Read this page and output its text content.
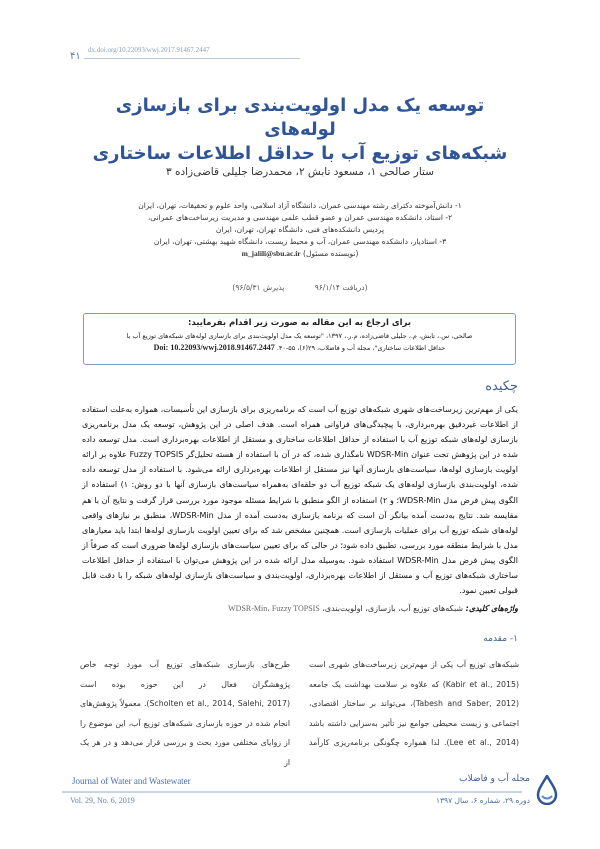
۴۱
dx.doi.org/10.22093/wwj.2017.91467.2447
توسعه یک مدل اولویت‌بندی برای بازسازی لوله‌های
شبکه‌های توزیع آب با حداقل اطلاعات ساختاری
ستار صالحی ۱، مسعود تابش ۲، محمدرضا جلیلی قاضی‌زاده ۳
۱- دانش‌آموخته دکترای رشته مهندسی عمران، دانشگاه آزاد اسلامی، واحد علوم و تحقیقات، تهران، ایران
۲- استاد، دانشکده مهندسی عمران و عضو قطب علمی مهندسی و مدیریت زیرساخت‌های عمرانی،
پردیس دانشکده‌های فنی، دانشگاه تهران، تهران، ایران
۳- استادیار، دانشکده مهندسی عمران، آب و محیط زیست، دانشگاه شهید بهشتی، تهران، ایران
(نویسنده مسئول) m_jalili@sbu.ac.ir
(دریافت ۹۶/۱/۱۴ پذیرش ۹۶/۵/۳۱)
برای ارجاع به این مقاله به صورت زیر اقدام بفرمایید:
صالحی، س.، تابش، م.، جلیلی قاضی‌زاده، م.ر.، ۱۳۹۷، "توسعه یک مدل اولویت‌بندی برای بازسازی لوله‌های شبکه‌های توزیع آب با
حداقل اطلاعات ساختاری"، مجله آب و فاضلاب، ۲۹(۶)، ۵۵-۴۰. Doi: 10.22093/wwj.2018.91467.2447
چکیده

یکی از مهم‌ترین زیرساخت‌های شهری شبکه‌های توزیع آب است که برنامه‌ریزی برای بازسازی این تأسیسات، همواره به‌علت استفاده از اطلاعات غیردقیق بهره‌برداری، با پیچیدگی‌های فراوانی همراه است. هدف اصلی در این پژوهش، توسعه یک مدل برنامه‌ریزی بازسازی لوله‌های شبکه توزیع آب با استفاده از حداقل اطلاعات ساختاری و مستقل از اطلاعات بهره‌برداری است. مدل توسعه داده شده در این پژوهش تحت عنوان WDSR-Min نامگذاری شده، که در آن با استفاده از هسته تحلیل‌گر Fuzzy TOPSIS علاوه بر ارائه اولویت بازسازی لوله‌ها، سیاست‌های بازسازی آنها نیز مستقل از اطلاعات بهره‌برداری ارائه می‌شود. با استفاده از مدل توسعه داده شده، اولویت‌بندی بازسازی لوله‌های یک شبکه توزیع آب دو حلقه‌ای به‌همراه سیاست‌های بازسازی آنها با دو روش: ۱) استفاده از الگوی پیش فرض مدل WDSR-Min؛ و ۲) استفاده از الگو منطبق با شرایط مسئله موجود مورد بررسی قرار گرفت و نتایج آن با هم مقایسه شد. نتایج به‌دست آمده بیانگر آن است که برنامه بازسازی به‌دست آمده از مدل WDSR-Min، منطبق بر نیازهای واقعی لوله‌های شبکه توزیع آب برای عملیات بازسازی است. همچنین مشخص شد که برای تعیین اولویت بازسازی لوله‌ها ابتدا باید معیارهای مدل با شرایط منطقه مورد بررسی، تطبیق داده شود؛ در حالی که برای تعیین سیاست‌های بازسازی لوله‌ها ضروری است که صرفاً از الگوی پیش فرض مدل WDSR-Min استفاده شود. به‌وسیله مدل ارائه شده در این پژوهش می‌توان با استفاده از حداقل اطلاعات ساختاری شبکه‌های توزیع آب و مستقل از اطلاعات بهره‌برداری، اولویت‌بندی و سیاست‌های بازسازی لوله‌های شبکه را با دقت قابل قبولی تعیین نمود.

واژه‌های کلیدی: شبکه‌های توزیع آب، بازسازی، اولویت‌بندی، WDSR-Min، Fuzzy TOPSIS
۱- مقدمه
شبکه‌های توزیع آب یکی از مهم‌ترین زیرساخت‌های شهری است
(Kabir et al., 2015) که علاوه بر سلامت بهداشت یک جامعه
(Tabesh and Saber, 2012)، می‌تواند بر ساختار اقتصادی،
اجتماعی و زیست محیطی جوامع نیز تأثیر به‌سزایی داشته باشد
(Lee et al., 2014). لذا همواره چگونگی برنامه‌ریزی کارآمد
طرح‌های بازسازی شبکه‌های توزیع آب مورد توجه خاص
پژوهشگران فعال در این حوزه بوده است
(Scholten et al., 2014, Salehi, 2017). معمولاً پژوهش‌های
انجام شده در حوزه بازسازی شبکه‌های توزیع آب، این موضوع را
از زوایای مختلفی مورد بحث و بررسی قرار می‌دهد و در هر یک از
Journal of Water and Wastewater
Vol. 29, No. 6, 2019
مجله آب و فاضلاب
دوره ۲۹، شماره ۶، سال ۱۳۹۷
